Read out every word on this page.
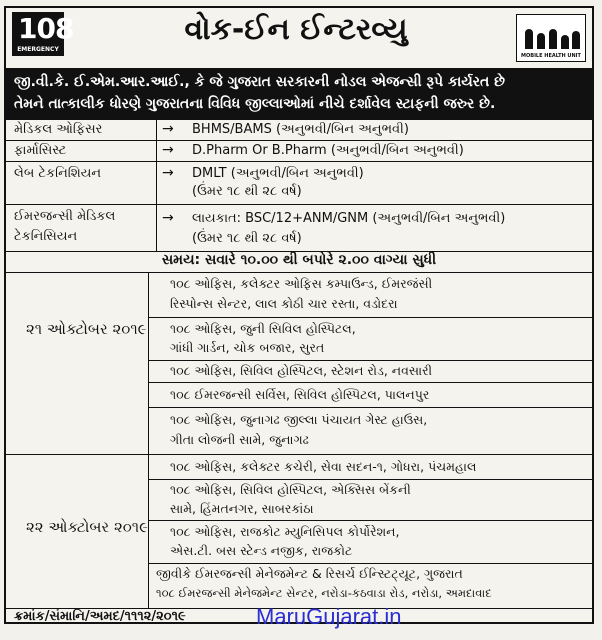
108
EMERGENCY
વોક-ઈન ઈન્ટરવ્યુ
MOBILE HEALTH UNIT
જી.વી.કે. ઈ.એમ.આર.આઈ., કે જે ગુજરાત સરકારની નોડલ એજન્સી રૂપે કાર્યરત છે
તેમને તાત્કાલીક ધોરણે ગુજરાતના વિવિધ જીલ્લાઓમાં નીચે દર્શાવેલ સ્ટાફની જરુર છે.
મેડિકલ ઓફિસર	→ BHMS/BAMS (અનુભવી/બિન અનુભવી)
ફાર્માસિસ્ટ	→ D.Pharm Or B.Pharm (અનુભવી/બિન અનુભવી)
લેબ ટેકનિશિયન	→ DMLT (અનુભવી/બિન અનુભવી)
(ઉંમર ૧૮ થી ૨૮ વર્ષ)
ઈમરજન્સી મેડિકલ
ટેકનિસિયન
→ લાયકાત: BSC/12+ANM/GNM (અનુભવી/બિન અનુભવી)
(ઉંમર ૧૮ થી ૨૮ વર્ષ)
સમય: સવારે ૧૦.૦૦ થી બપોરે ૨.૦૦ વાગ્યા સુધી
૨૧ ઓક્ટોબર ૨૦૧૯
૧૦૮ ઓફિસ, કલેક્ટર ઓફિસ કમ્પાઉન્ડ, ઈમરજંસી
રિસ્પોન્સ સેન્ટર, લાલ કોઠી ચાર રસ્તા, વડોદરા
૧૦૮ ઓફિસ, જુની સિવિલ હોસ્પિટલ,
ગાંધી ગાર્ડન, ચોક બજાર, સુરત
૧૦૮ ઓફિસ, સિવિલ હોસ્પિટલ, સ્ટેશન રોડ, નવસારી
૧૦૮ ઈમરજન્સી સર્વિસ, સિવિલ હોસ્પિટલ, પાલનપુર
૧૦૮ ઓફિસ, જુનાગઢ જીલ્લા પંચાયત ગેસ્ટ હાઉસ,
ગીતા લોજની સામે, જુનાગઢ
૨૨ ઓક્ટોબર ૨૦૧૯
૧૦૮ ઓફિસ, કલેક્ટર કચેરી, સેવા સદન-૧, ગોધરા, પંચમહાલ
૧૦૮ ઓફિસ, સિવિલ હોસ્પિટલ, એક્સિસ બેંકની
સામે, હિંમતનગર, સાબરકાંઠા
૧૦૮ ઓફિસ, રાજકોટ મ્યુનિસિપલ કોર્પોરેશન,
એસ.ટી. બસ સ્ટેન્ડ નજીક, રાજકોટ
જીવીકે ઈમરજન્સી મેનેજમેન્ટ & રિસર્ચ ઈન્સ્ટિટ્યૂટ, ગુજરાત
૧૦૮ ઈમરજન્સી મેનેજમેન્ટ સેન્ટર, નરોડા-કઠવાડા રોડ, નરોડા, અમદાવાદ
ક્રમાંક/સંમાનિ/અમદ/૧૧૧૨/૨૦૧૯	MaruGujarat.in
